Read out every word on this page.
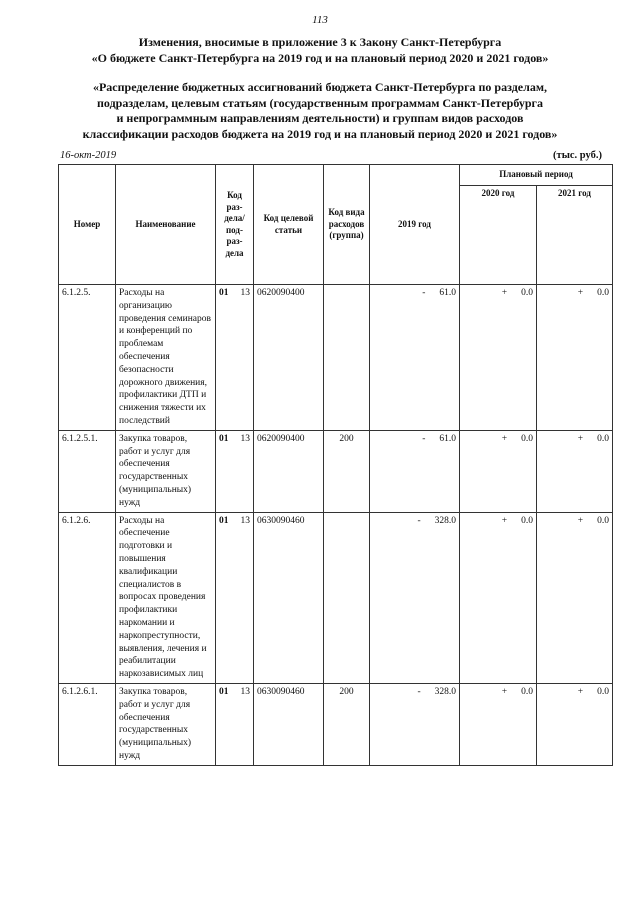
113
Изменения, вносимые в приложение 3 к Закону Санкт-Петербурга
«О бюджете Санкт-Петербурга на 2019 год и на плановый период 2020 и 2021 годов»
«Распределение бюджетных ассигнований бюджета Санкт-Петербурга по разделам,
подразделам, целевым статьям (государственным программам Санкт-Петербурга
и непрограммным направлениям деятельности) и группам видов расходов
классификации расходов бюджета на 2019 год и на плановый период 2020 и 2021 годов»
16-окт-2019	(тыс. руб.)
Номер	Наименование	Код раз- дела/ под- раз- дела	Код целевой статьи	Код вида расходов (группа)	2019 год	Плановый период	
						2020 год	2021 год
6.1.2.5.	Расходы на организацию проведения семинаров и конференций по проблемам обеспечения безопасности дорожного движения, профилактики ДТП и снижения тяжести их последствий	01 13	0620090400		- 61.0	+ 0.0	+ 0.0
6.1.2.5.1.	Закупка товаров, работ и услуг для обеспечения государственных (муниципальных) нужд	01 13	0620090400	200	- 61.0	+ 0.0	+ 0.0
6.1.2.6.	Расходы на обеспечение подготовки и повышения квалификации специалистов в вопросах проведения профилактики наркомании и наркопреступности, выявления, лечения и реабилитации наркозависимых лиц	01 13	0630090460		- 328.0	+ 0.0	+ 0.0
6.1.2.6.1.	Закупка товаров, работ и услуг для обеспечения государственных (муниципальных) нужд	01 13	0630090460	200	- 328.0	+ 0.0	+ 0.0
